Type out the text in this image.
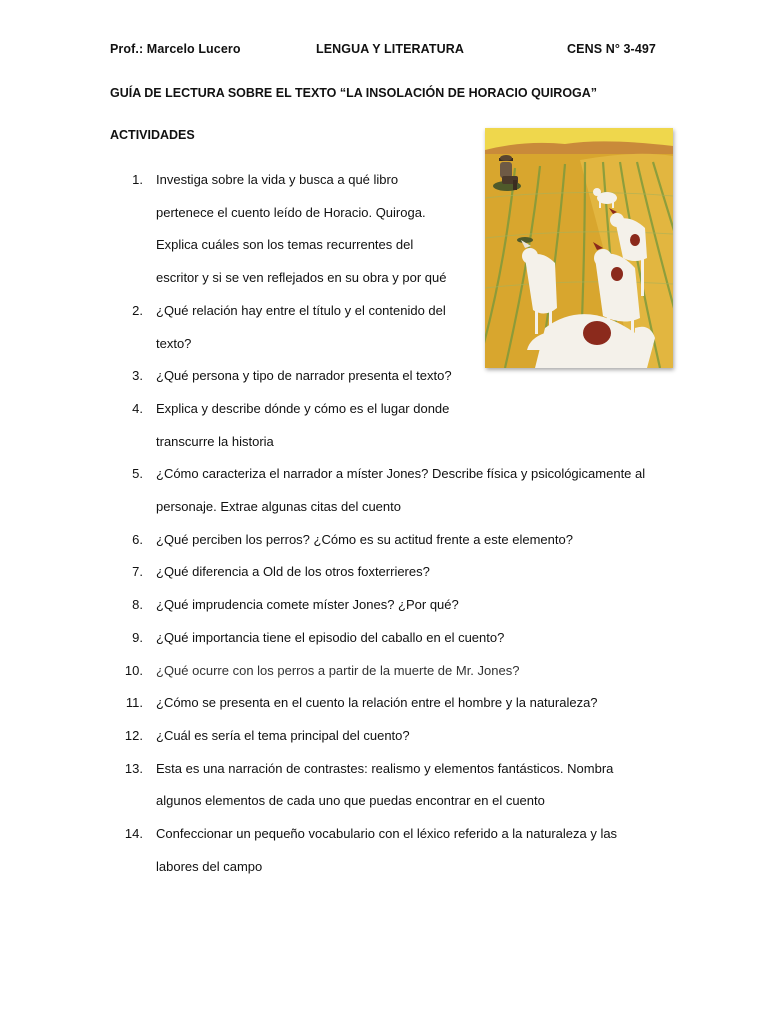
Prof.: Marcelo Lucero	LENGUA Y LITERATURA	CENS N° 3-497
GUÍA DE LECTURA SOBRE EL TEXTO “LA INSOLACIÓN DE HORACIO QUIROGA”
ACTIVIDADES
1. Investiga sobre la vida y busca a qué libro
pertenece el cuento leído de Horacio. Quiroga.
Explica cuáles son los temas recurrentes del
escritor y si se ven reflejados en su obra y por qué
2. ¿Qué relación hay entre el título y el contenido del
texto?
3. ¿Qué persona y tipo de narrador presenta el texto?
4. Explica y describe dónde y cómo es el lugar donde
transcurre la historia
5. ¿Cómo caracteriza el narrador a míster Jones? Describe física y psicológicamente al
personaje. Extrae algunas citas del cuento
6. ¿Qué perciben los perros? ¿Cómo es su actitud frente a este elemento?
7. ¿Qué diferencia a Old de los otros foxterrieres?
8. ¿Qué imprudencia comete míster Jones? ¿Por qué?
9. ¿Qué importancia tiene el episodio del caballo en el cuento?
10. ¿Qué ocurre con los perros a partir de la muerte de Mr. Jones?
11. ¿Cómo se presenta en el cuento la relación entre el hombre y la naturaleza?
12. ¿Cuál es sería el tema principal del cuento?
13. Esta es una narración de contrastes: realismo y elementos fantásticos. Nombra
algunos elementos de cada uno que puedas encontrar en el cuento
14. Confeccionar un pequeño vocabulario con el léxico referido a la naturaleza y las
labores del campo
